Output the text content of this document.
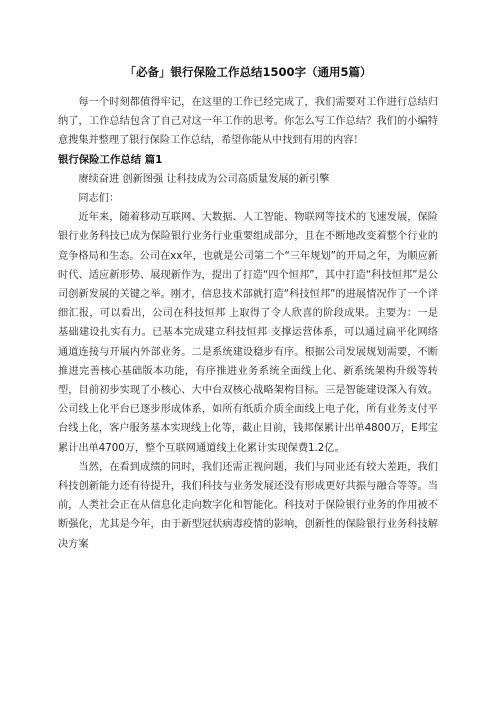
「必备」银行保险工作总结1500字（通用5篇）

每一个时刻都值得牢记，在这里的工作已经完成了，我们需要对工作进行总结归纳了，工作总结包含了自己对这一年工作的思考。你怎么写工作总结？我们的小编特意搜集并整理了银行保险工作总结，希望你能从中找到有用的内容！

银行保险工作总结 篇1

赓续奋进 创新图强 让科技成为公司高质量发展的新引擎

同志们：

近年来，随着移动互联网、大数据、人工智能、物联网等技术的飞速发展，保险银行业务科技已成为保险银行业务行业重要组成部分，且在不断地改变着整个行业的竞争格局和生态。公司在xx年，也就是公司第二个“三年规划”的开局之年，为顺应新时代、适应新形势、展现新作为，提出了打造“四个恒邦”，其中打造“科技恒邦”是公司创新发展的关键之举。刚才，信息技术部就打造“科技恒邦”的进展情况作了一个详细汇报，可以看出，公司在科技恒邦 上取得了令人欣喜的阶段成果。主要为：一是基础建设扎实有力。已基本完成建立科技恒邦 支撑运营体系，可以通过扁平化网络通道连接与开展内外部业务。二是系统建设稳步有序。根据公司发展规划需要，不断推进完善核心基础版本功能，有序推进业务系统全面线上化、新系统架构升级等转型，目前初步实现了小核心、大中台双核心战略架构目标。三是智能建设深入有效。公司线上化平台已逐步形成体系，如所有纸质介质全面线上电子化，所有业务支付平台线上化，客户服务基本实现线上化等，截止目前，钱邦保累计出单4800万，E邦宝累计出单4700万，整个互联网通道线上化累计实现保费1.2亿。

当然，在看到成绩的同时，我们还需正视问题，我们与同业还有较大差距，我们科技创新能力还有待提升，我们科技与业务发展还没有形成更好共振与融合等等。当前，人类社会正在从信息化走向数字化和智能化。科技对于保险银行业务的作用被不断强化，尤其是今年，由于新型冠状病毒疫情的影响，创新性的保险银行业务科技解决方案
